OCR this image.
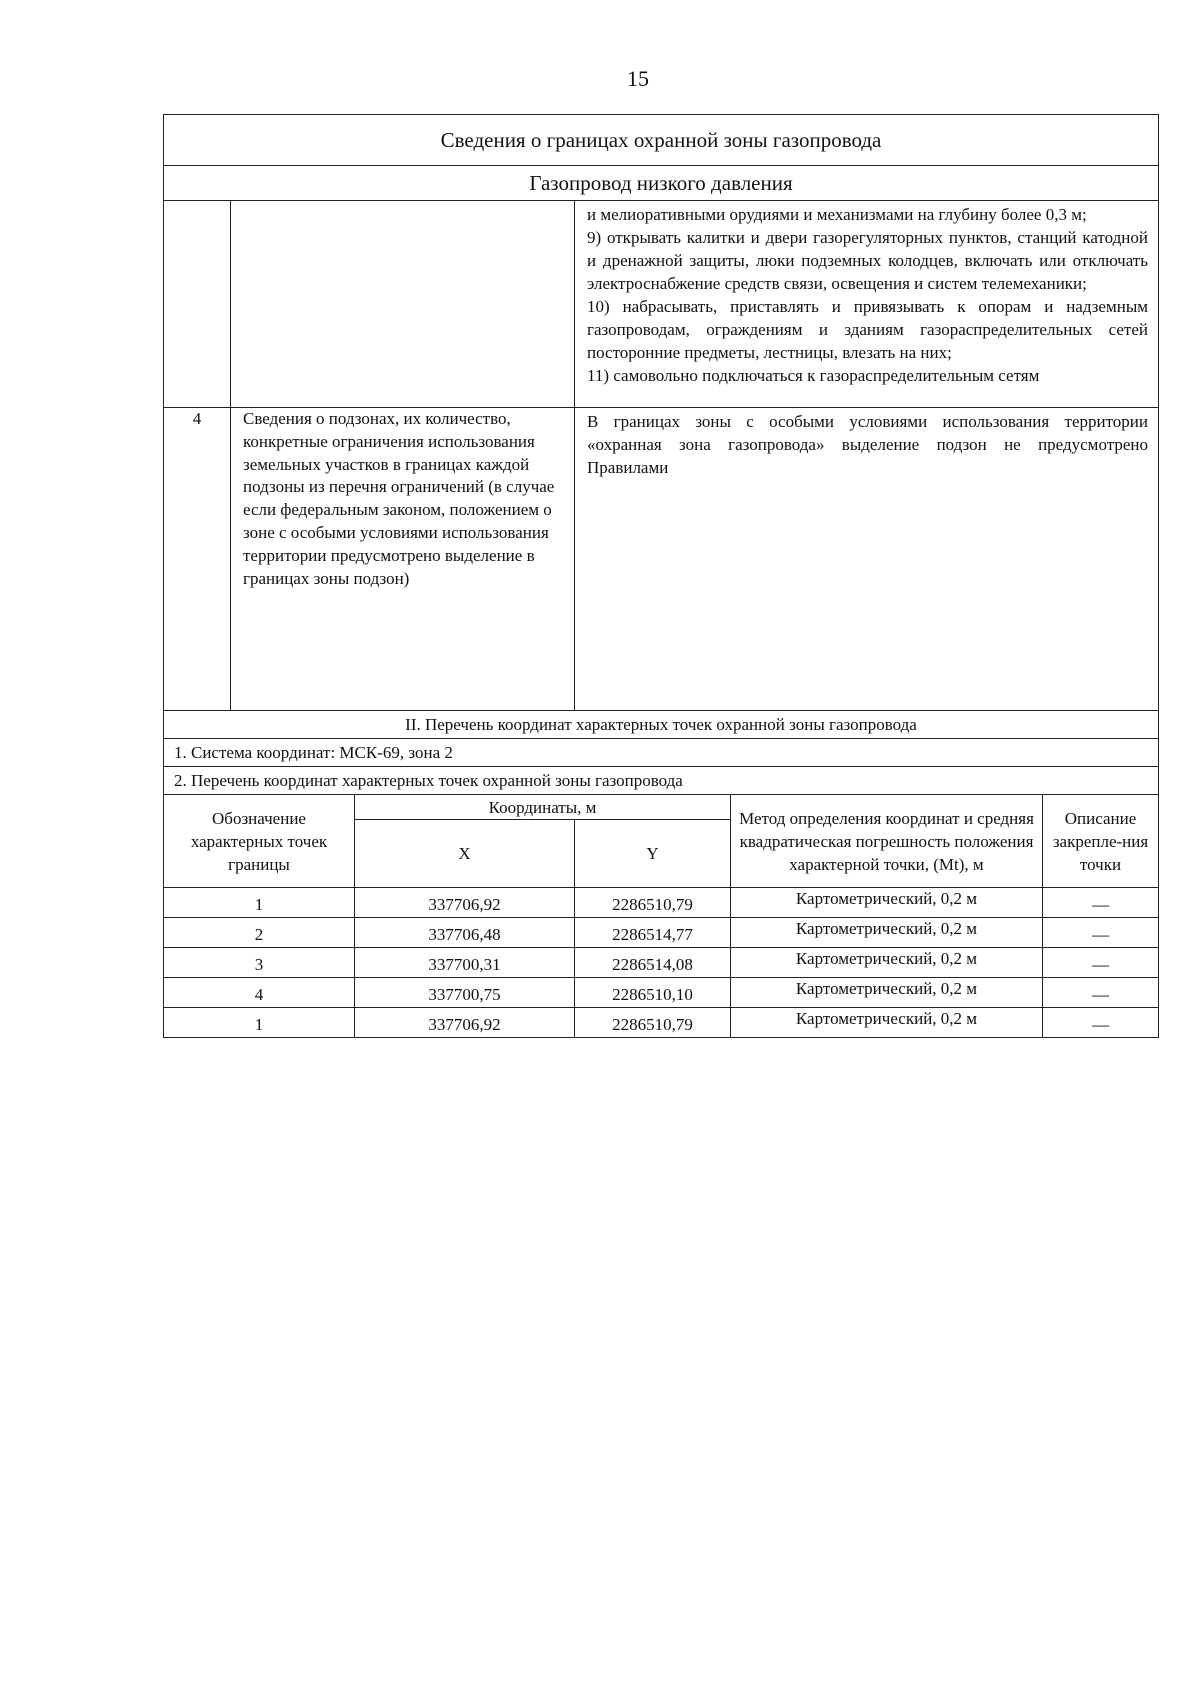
15
Сведения о границах охранной зоны газопровода					
Газопровод низкого давления					

			и мелиоративными орудиями и механизмами на глубину более 0,3 м;

9) открывать калитки и двери газорегуляторных пунктов, станций катодной и дренажной защиты, люки подземных колодцев, включать или отключать электроснабжение средств связи, освещения и систем телемеханики;

10) набрасывать, приставлять и привязывать к опорам и надземным газопроводам, ограждениям и зданиям газораспределительных сетей посторонние предметы, лестницы, влезать на них;

11) самовольно подключаться к газораспределительным сетям		

4	Сведения о подзонах, их количество, конкретные ограничения использования земельных участков в границах каждой подзоны из перечня ограничений (в случае если федеральным законом, положением о зоне с особыми условиями использования территории предусмотрено выделение в границах зоны подзон)		В границах зоны с особыми условиями использования территории «охранная зона газопровода» выделение подзон не предусмотрено Правилами		
II. Перечень координат характерных точек охранной зоны газопровода					
1. Система координат: МСК-69, зона 2					
2. Перечень координат характерных точек охранной зоны газопровода					
Обозначение характерных точек границы		Координаты, м		Метод определения координат и средняя квадратическая погрешность положения характерной точки, (Mt), м	Описание закрепле-ния точки
		X	Y		
1		337706,92	2286510,79	Картометрический, 0,2 м	—
2		337706,48	2286514,77	Картометрический, 0,2 м	—
3		337700,31	2286514,08	Картометрический, 0,2 м	—
4		337700,75	2286510,10	Картометрический, 0,2 м	—
1		337706,92	2286510,79	Картометрический, 0,2 м	—
